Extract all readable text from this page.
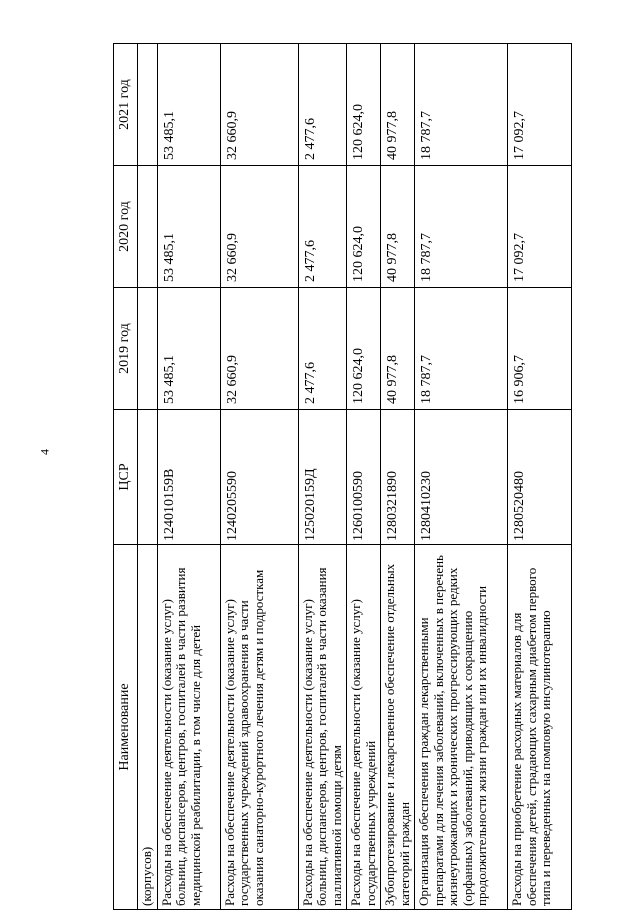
4
Наименование	ЦСР	2019 год	2020 год	2021 год
(корпусов)				
Расходы на обеспечение деятельности (оказание услуг) больниц, диспансеров, центров, госпиталей в части развития медицинской реабилитации, в том числе для детей	124010159В	53 485,1	53 485,1	53 485,1
Расходы на обеспечение деятельности (оказание услуг) государственных учреждений здравоохранения в части оказания санаторно-курортного лечения детям и подросткам	1240205590	32 660,9	32 660,9	32 660,9
Расходы на обеспечение деятельности (оказание услуг) больниц, диспансеров, центров, госпиталей в части оказания паллиативной помощи детям	125020159Д	2 477,6	2 477,6	2 477,6
Расходы на обеспечение деятельности (оказание услуг) государственных учреждений	1260100590	120 624,0	120 624,0	120 624,0
Зубопротезирование и лекарственное обеспечение отдельных категорий граждан	1280321890	40 977,8	40 977,8	40 977,8
Организация обеспечения граждан лекарственными препаратами для лечения заболеваний, включенных в перечень жизнеугрожающих и хронических прогрессирующих редких (орфанных) заболеваний, приводящих к сокращению продолжительности жизни граждан или их инвалидности	1280410230	18 787,7	18 787,7	18 787,7
Расходы на приобретение расходных материалов для обеспечения детей, страдающих сахарным диабетом первого типа и переведенных на помповую инсулинотерапию	1280520480	16 906,7	17 092,7	17 092,7
